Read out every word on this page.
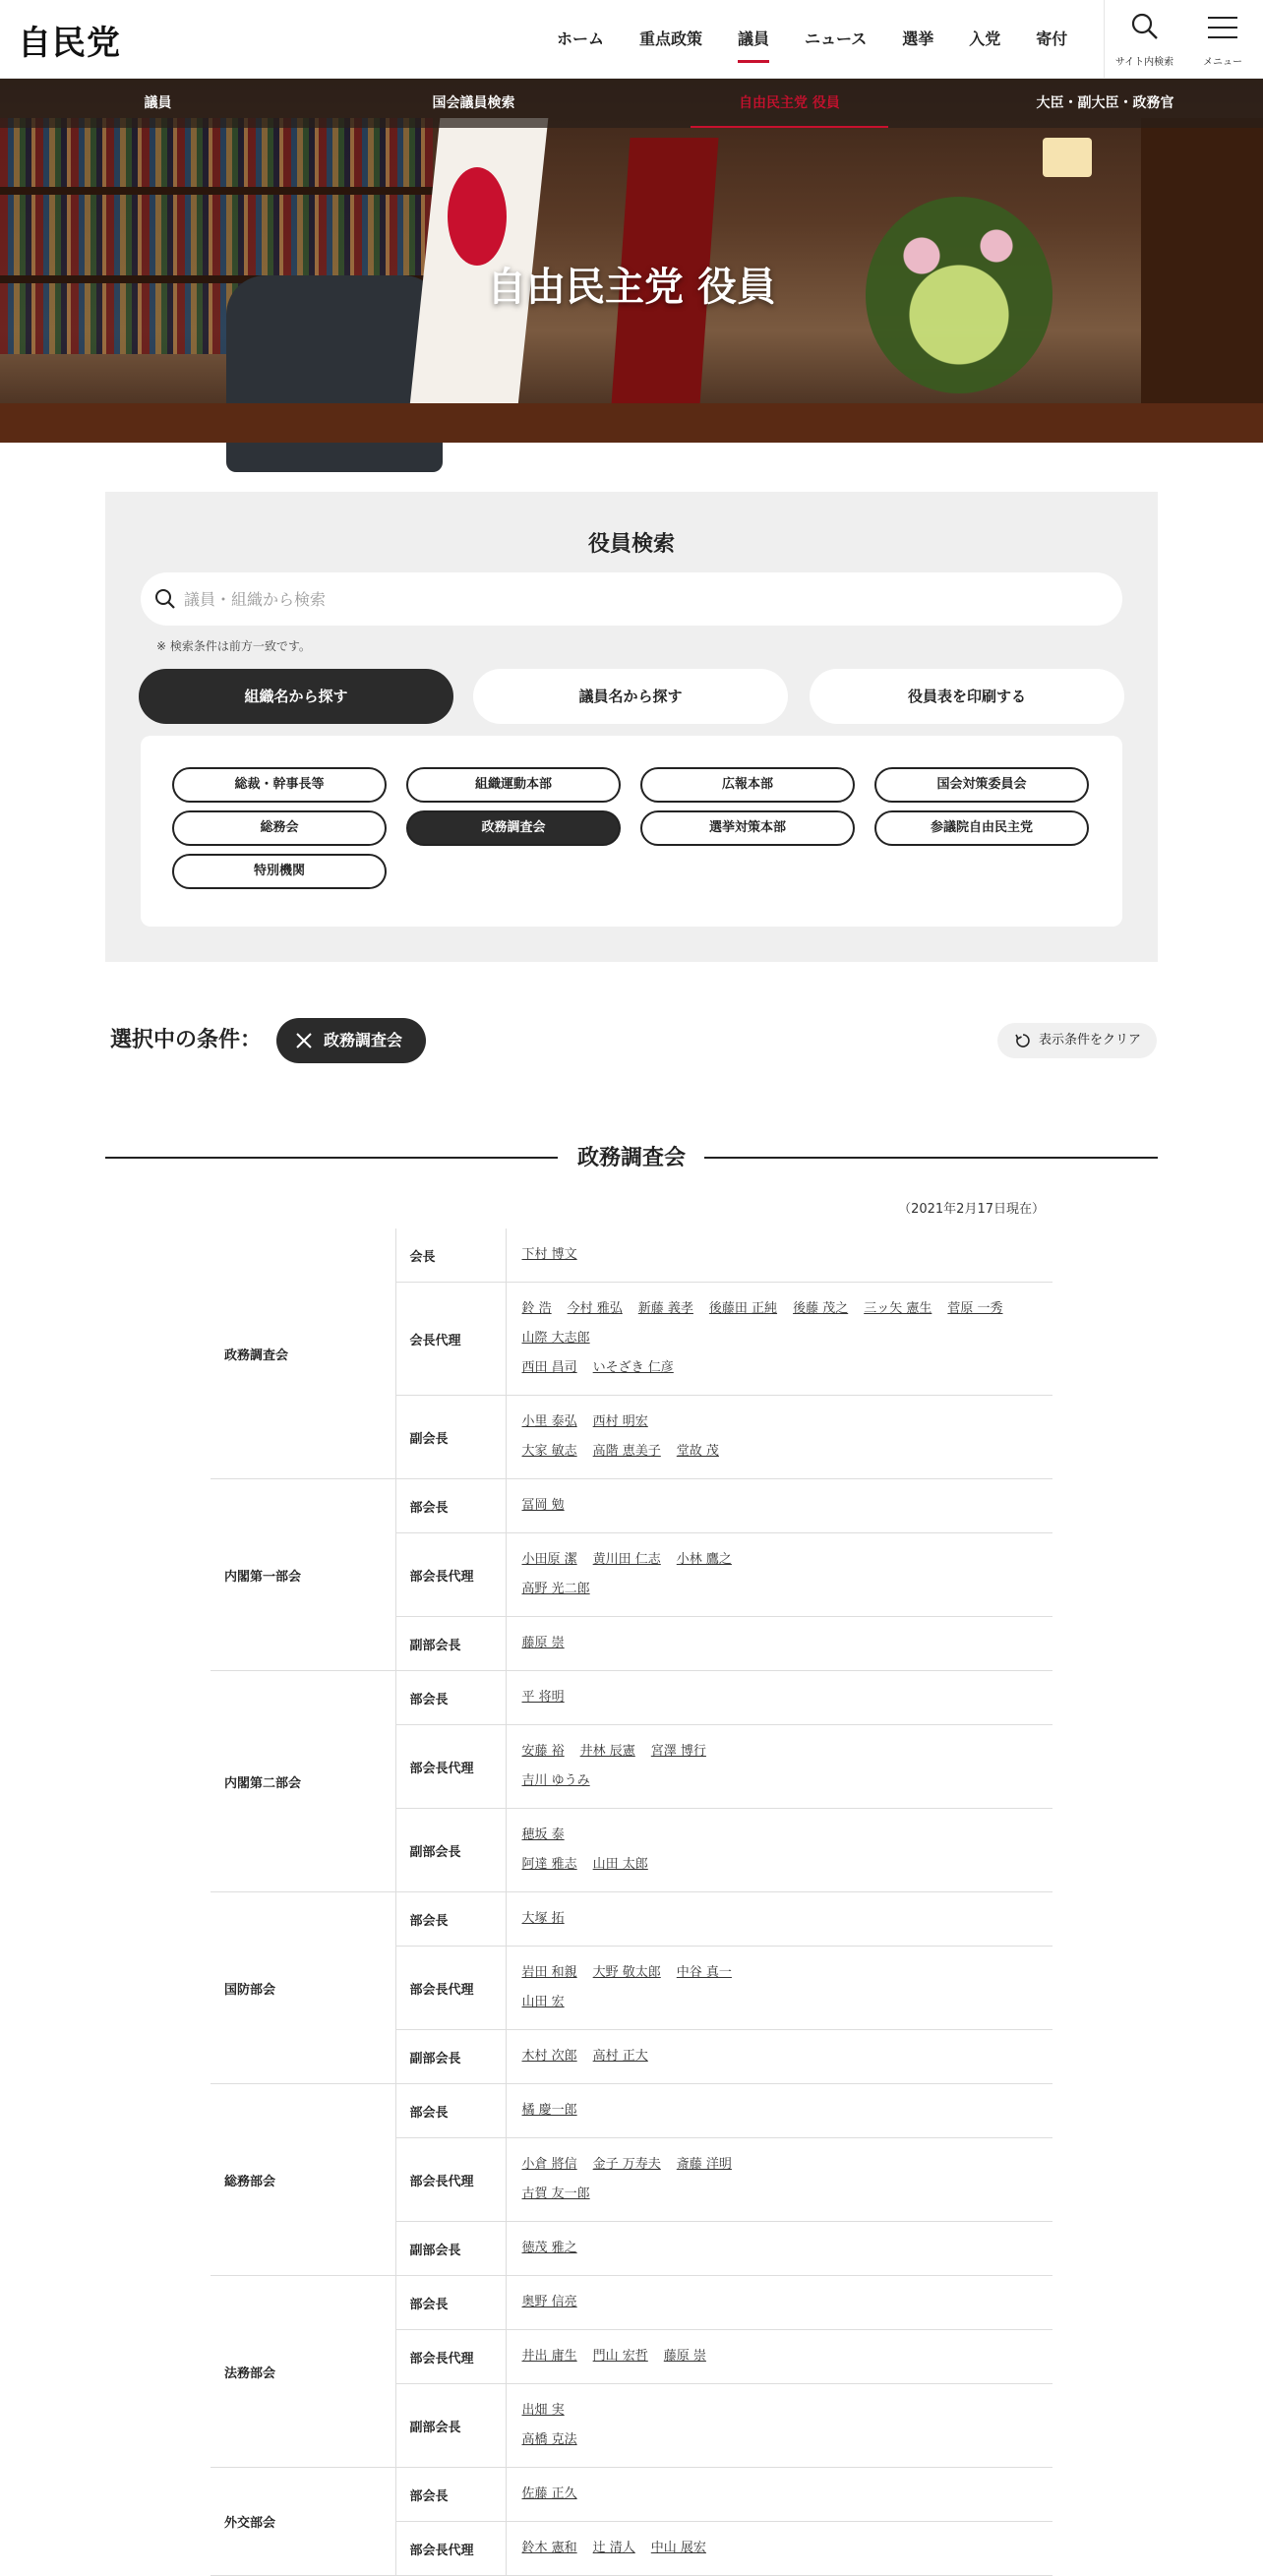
自民党	ホーム	重点政策	議員	ニュース	選挙	入党	寄付
サイト内検索	メニュー
議員	国会議員検索	自由民主党 役員	大臣・副大臣・政務官
自由民主党 役員
役員検索
議員・組織から検索
※ 検索条件は前方一致です。
組織名から探す	議員名から探す	役員表を印刷する
総裁・幹事長等	組織運動本部	広報本部	国会対策委員会
総務会	政務調査会	選挙対策本部	参議院自由民主党
特別機関
選択中の条件：	政務調査会	表示条件をクリア
政務調査会
（2021年2月17日現在）
政務調査会	会長	下村 博文

	会長代理	鈴 浩 今村 雅弘 新藤 義孝 後藤田 正純 後藤 茂之 三ッ矢 憲生 菅原 一秀
山際 大志郎
西田 昌司 いそざき 仁彦

	副会長	小里 泰弘 西村 明宏
大家 敏志 高階 恵美子 堂故 茂

内閣第一部会	部会長	冨岡 勉

	部会長代理	小田原 潔 黄川田 仁志 小林 鷹之
高野 光二郎

	副部会長	藤原 崇

内閣第二部会	部会長	平 将明

	部会長代理	安藤 裕 井林 辰憲 宮澤 博行
吉川 ゆうみ

	副部会長	穂坂 泰
阿達 雅志 山田 太郎

国防部会	部会長	大塚 拓

	部会長代理	岩田 和親 大野 敬太郎 中谷 真一
山田 宏

	副部会長	木村 次郎 高村 正大

総務部会	部会長	橘 慶一郎

	部会長代理	小倉 將信 金子 万寿夫 斎藤 洋明
古賀 友一郎

	副部会長	徳茂 雅之

法務部会	部会長	奥野 信亮

	部会長代理	井出 庸生 門山 宏哲 藤原 崇

	副部会長	出畑 実
高橋 克法

外交部会	部会長	佐藤 正久

	部会長代理	鈴木 憲和 辻 清人 中山 展宏
